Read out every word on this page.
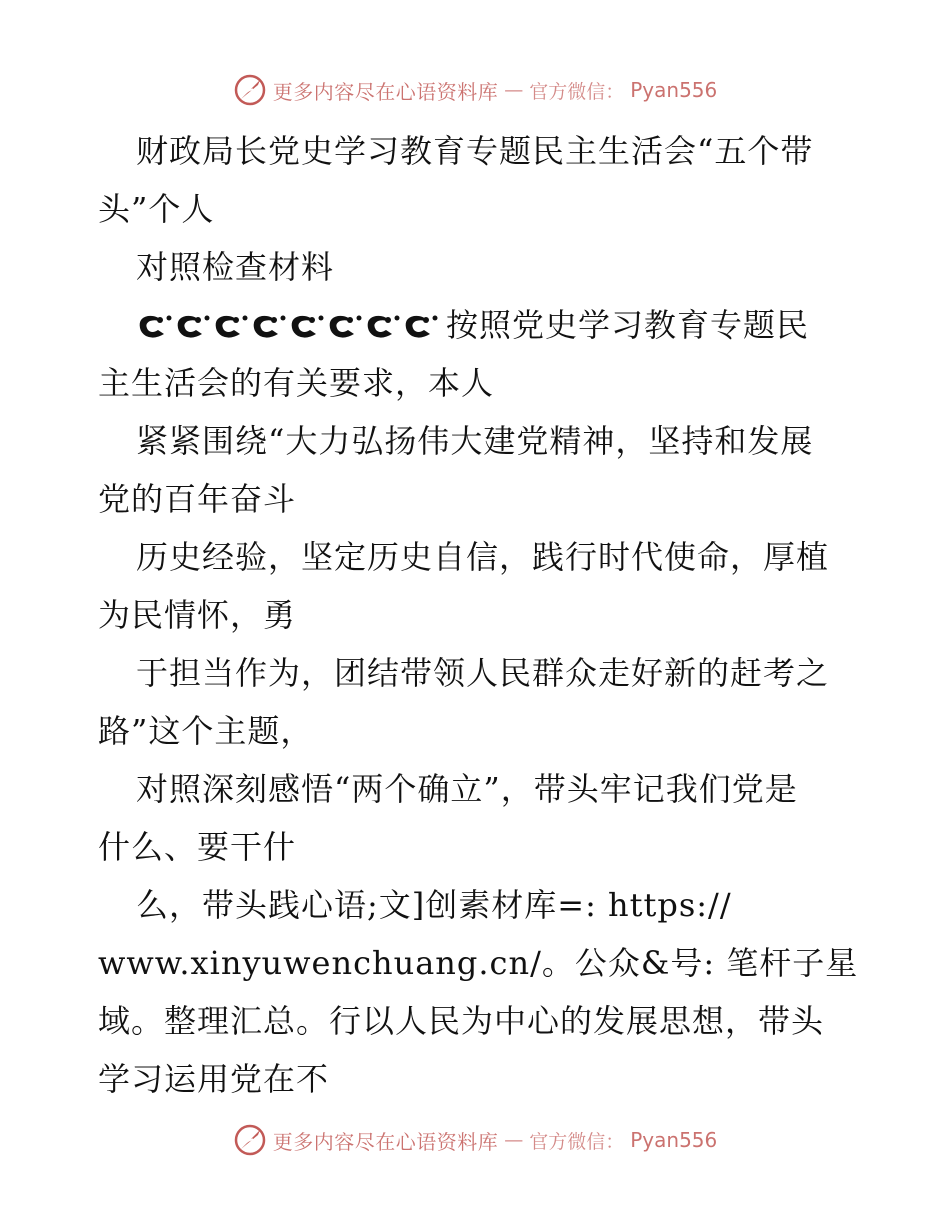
更多内容尽在心语资料库 — 官方微信： Pyan556
财政局长党史学习教育专题民主生活会“五个带
头”个人
对照检查材料
按照党史学习教育专题民
主生活会的有关要求，本人
紧紧围绕“大力弘扬伟大建党精神，坚持和发展
党的百年奋斗
历史经验，坚定历史自信，践行时代使命，厚植
为民情怀，勇
于担当作为，团结带领人民群众走好新的赶考之
路”这个主题，
对照深刻感悟“两个确立”，带头牢记我们党是
什么、要干什
么，带头践心语;文]创素材库=: https://
www.xinyuwenchuang.cn/。公众&号: 笔杆子星
域。整理汇总。行以人民为中心的发展思想，带头
学习运用党在不
更多内容尽在心语资料库 — 官方微信： Pyan556
